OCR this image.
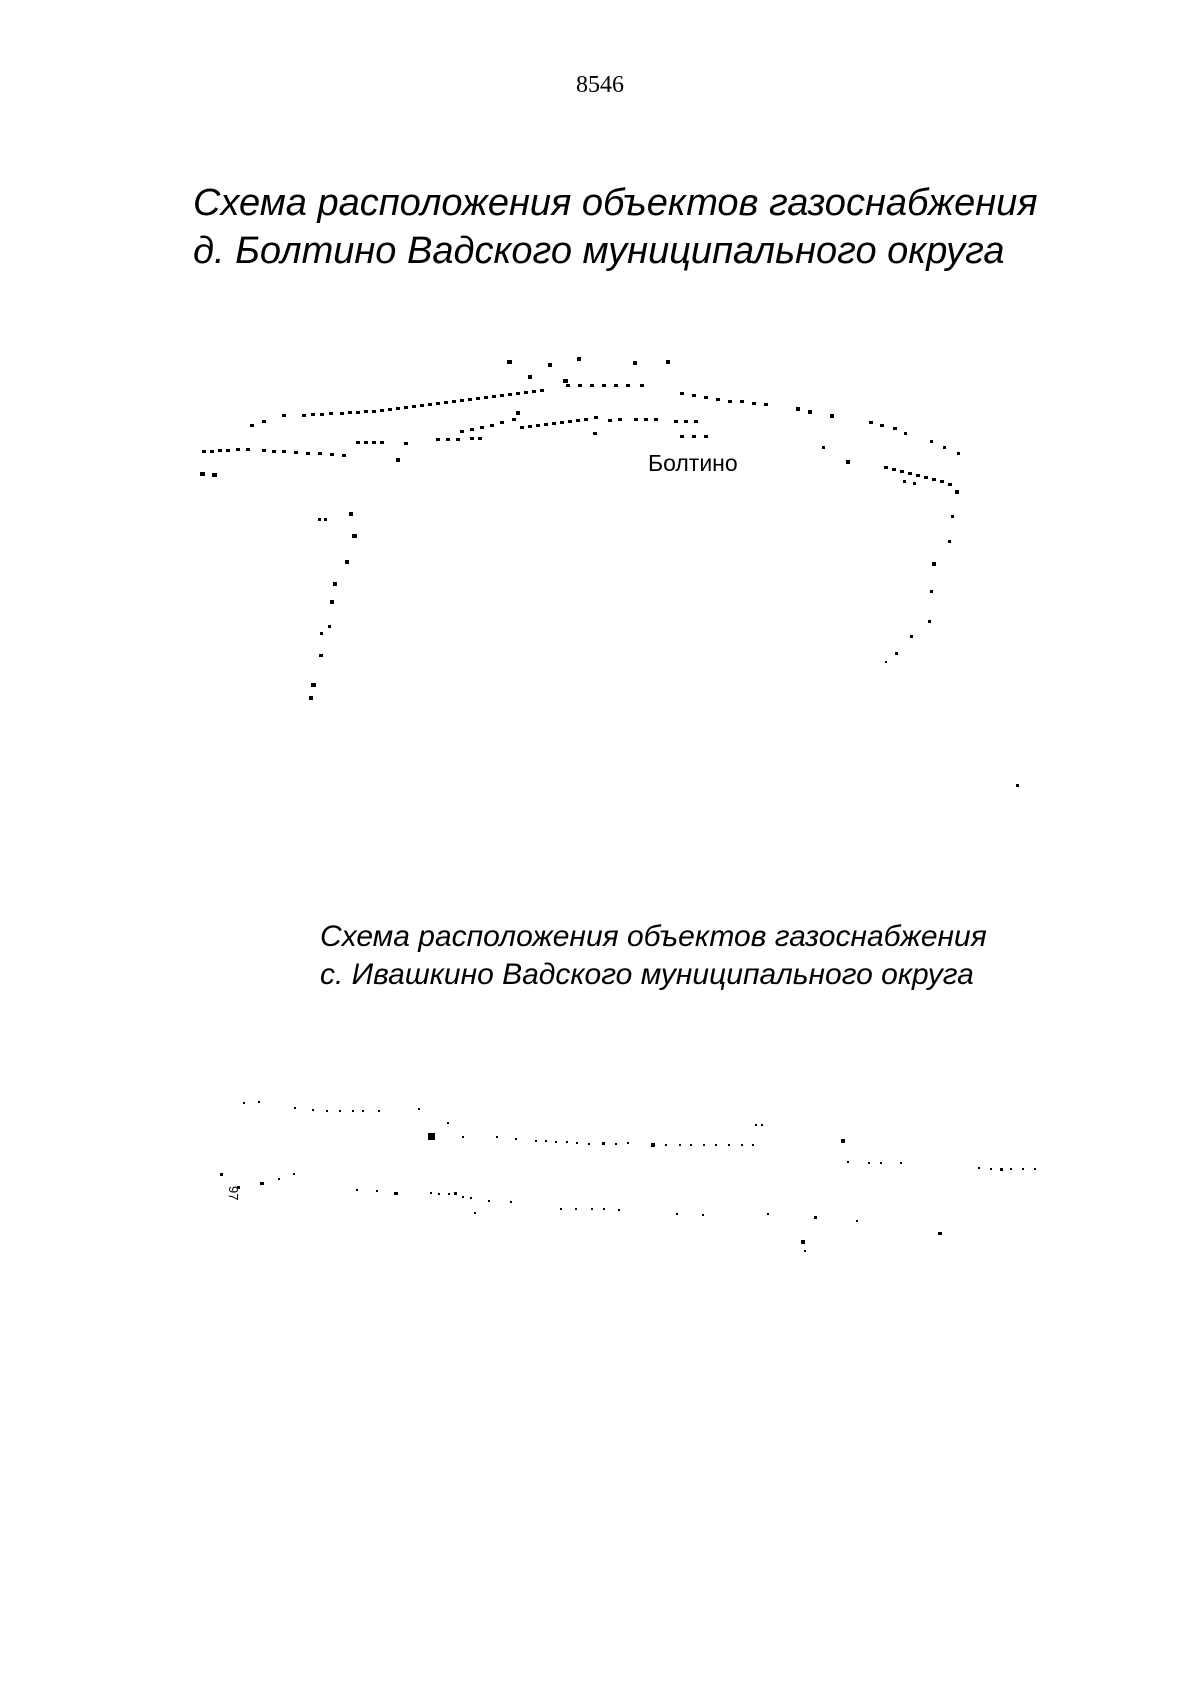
8546
Схема расположения объектов газоснабжения
д. Болтино Вадского муниципального округа
Болтино
Схема расположения объектов газоснабжения
с. Ивашкино Вадского муниципального округа
97
